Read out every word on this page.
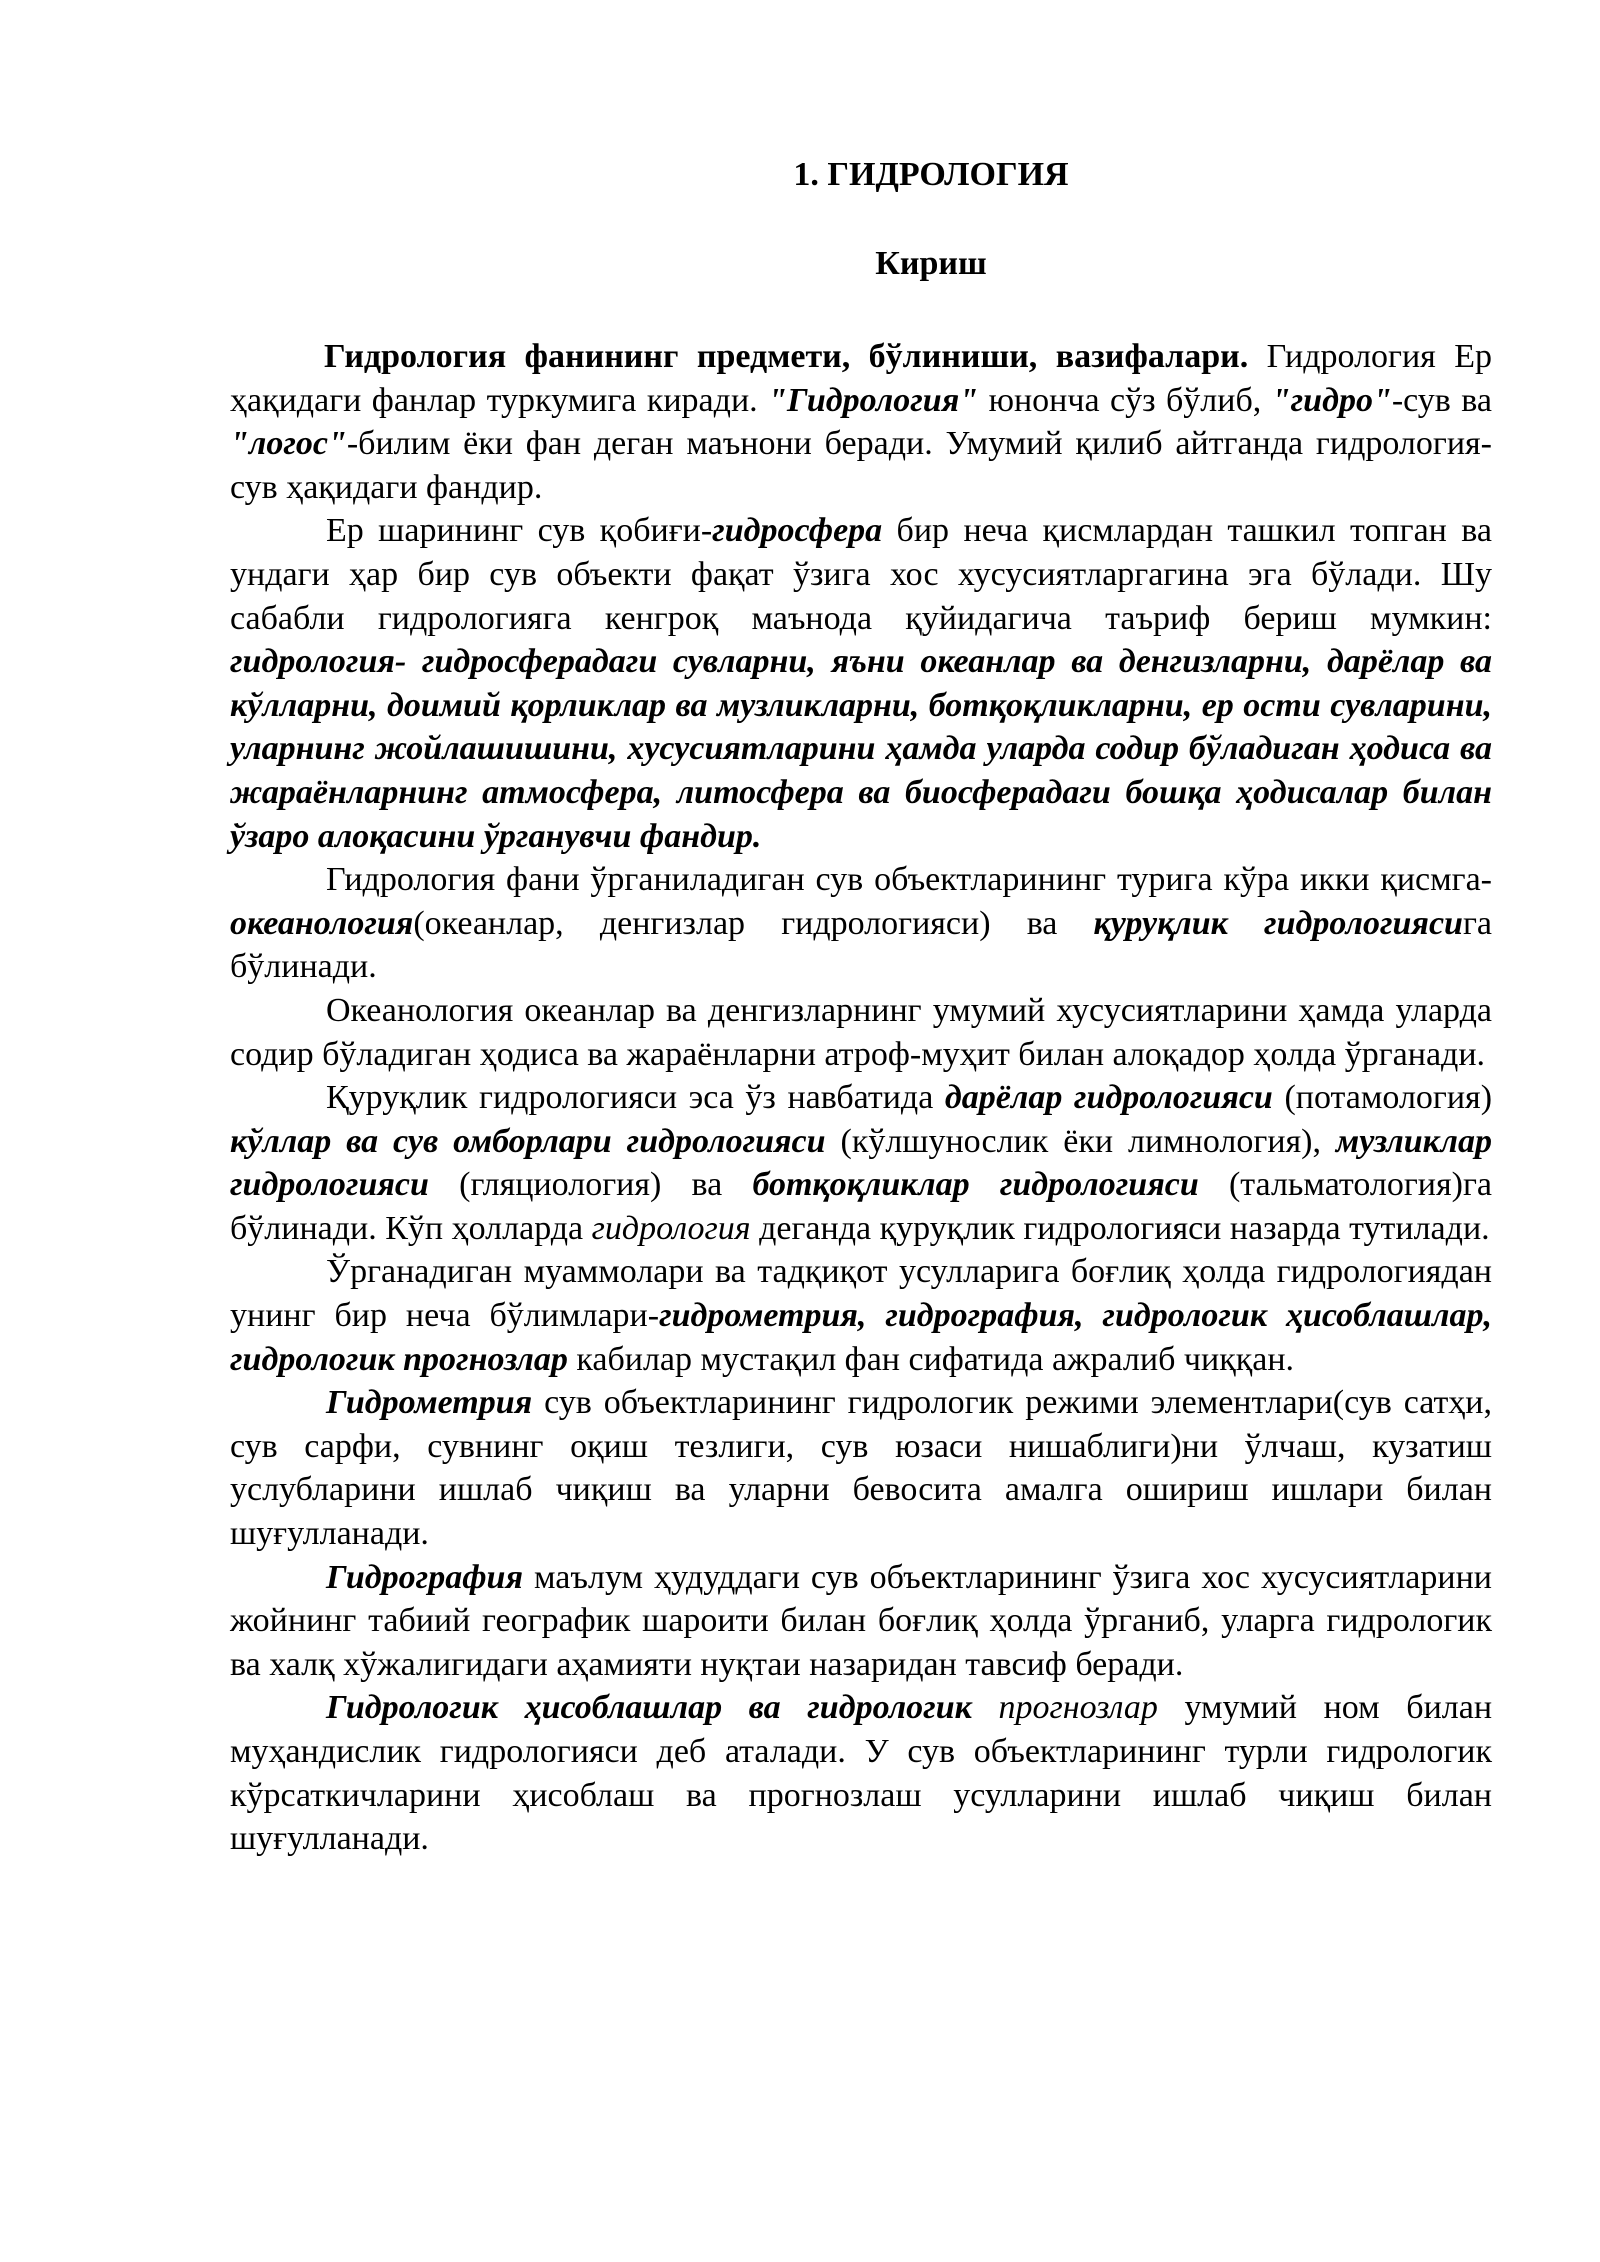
1. ГИДРОЛОГИЯ
Кириш

Гидрология фанининг предмети, бўлиниши, вазифалари. Гидрология Ер ҳақидаги фанлар туркумига киради. "Гидрология" юнонча сўз бўлиб, "гидро"-сув ва "логос"-билим ёки фан деган маънони беради. Умумий қилиб айтганда гидрология-сув ҳақидаги фандир.

Ер шарининг сув қобиғи-гидросфера бир неча қисмлардан ташкил топган ва ундаги ҳар бир сув объекти фақат ўзига хос хусусиятларгагина эга бўлади. Шу сабабли гидрологияга кенгроқ маънода қуйидагича таъриф бериш мумкин: гидрология- гидросферадаги сувларни, яъни океанлар ва денгизларни, дарёлар ва кўлларни, доимий қорликлар ва музликларни, ботқоқликларни, ер ости сувларини, уларнинг жойлашишини, хусусиятларини ҳамда уларда содир бўладиган ҳодиса ва жараёнларнинг атмосфера, литосфера ва биосферадаги бошқа ҳодисалар билан ўзаро алоқасини ўрганувчи фандир.

Гидрология фани ўрганиладиган сув объектларининг турига кўра икки қисмга-океанология(океанлар, денгизлар гидрологияси) ва қуруқлик гидрологиясига бўлинади.

Океанология океанлар ва денгизларнинг умумий хусусиятларини ҳамда уларда содир бўладиган ҳодиса ва жараёнларни атроф-муҳит билан алоқадор ҳолда ўрганади.

Қуруқлик гидрологияси эса ўз навбатида дарёлар гидрологияси (потамология) кўллар ва сув омборлари гидрологияси (кўлшунослик ёки лимнология), музликлар гидрологияси (гляциология) ва ботқоқликлар гидрологияси (тальматология)га бўлинади. Кўп ҳолларда гидрология деганда қуруқлик гидрологияси назарда тутилади.

Ўрганадиган муаммолари ва тадқиқот усулларига боғлиқ ҳолда гидрологиядан унинг бир неча бўлимлари-гидрометрия, гидрография, гидрологик ҳисоблашлар, гидрологик прогнозлар кабилар мустақил фан сифатида ажралиб чиққан.

Гидрометрия сув объектларининг гидрологик режими элементлари(сув сатҳи, сув сарфи, сувнинг оқиш тезлиги, сув юзаси нишаблиги)ни ўлчаш, кузатиш услубларини ишлаб чиқиш ва уларни бевосита амалга ошириш ишлари билан шуғулланади.

Гидрография маълум ҳудуддаги сув объектларининг ўзига хос хусусиятларини жойнинг табиий географик шароити билан боғлиқ ҳолда ўрганиб, уларга гидрологик ва халқ хўжалигидаги аҳамияти нуқтаи назаридан тавсиф беради.

Гидрологик ҳисоблашлар ва гидрологик прогнозлар умумий ном билан муҳандислик гидрологияси деб аталади. У сув объектларининг турли гидрологик кўрсаткичларини ҳисоблаш ва прогнозлаш усулларини ишлаб чиқиш билан шуғулланади.
